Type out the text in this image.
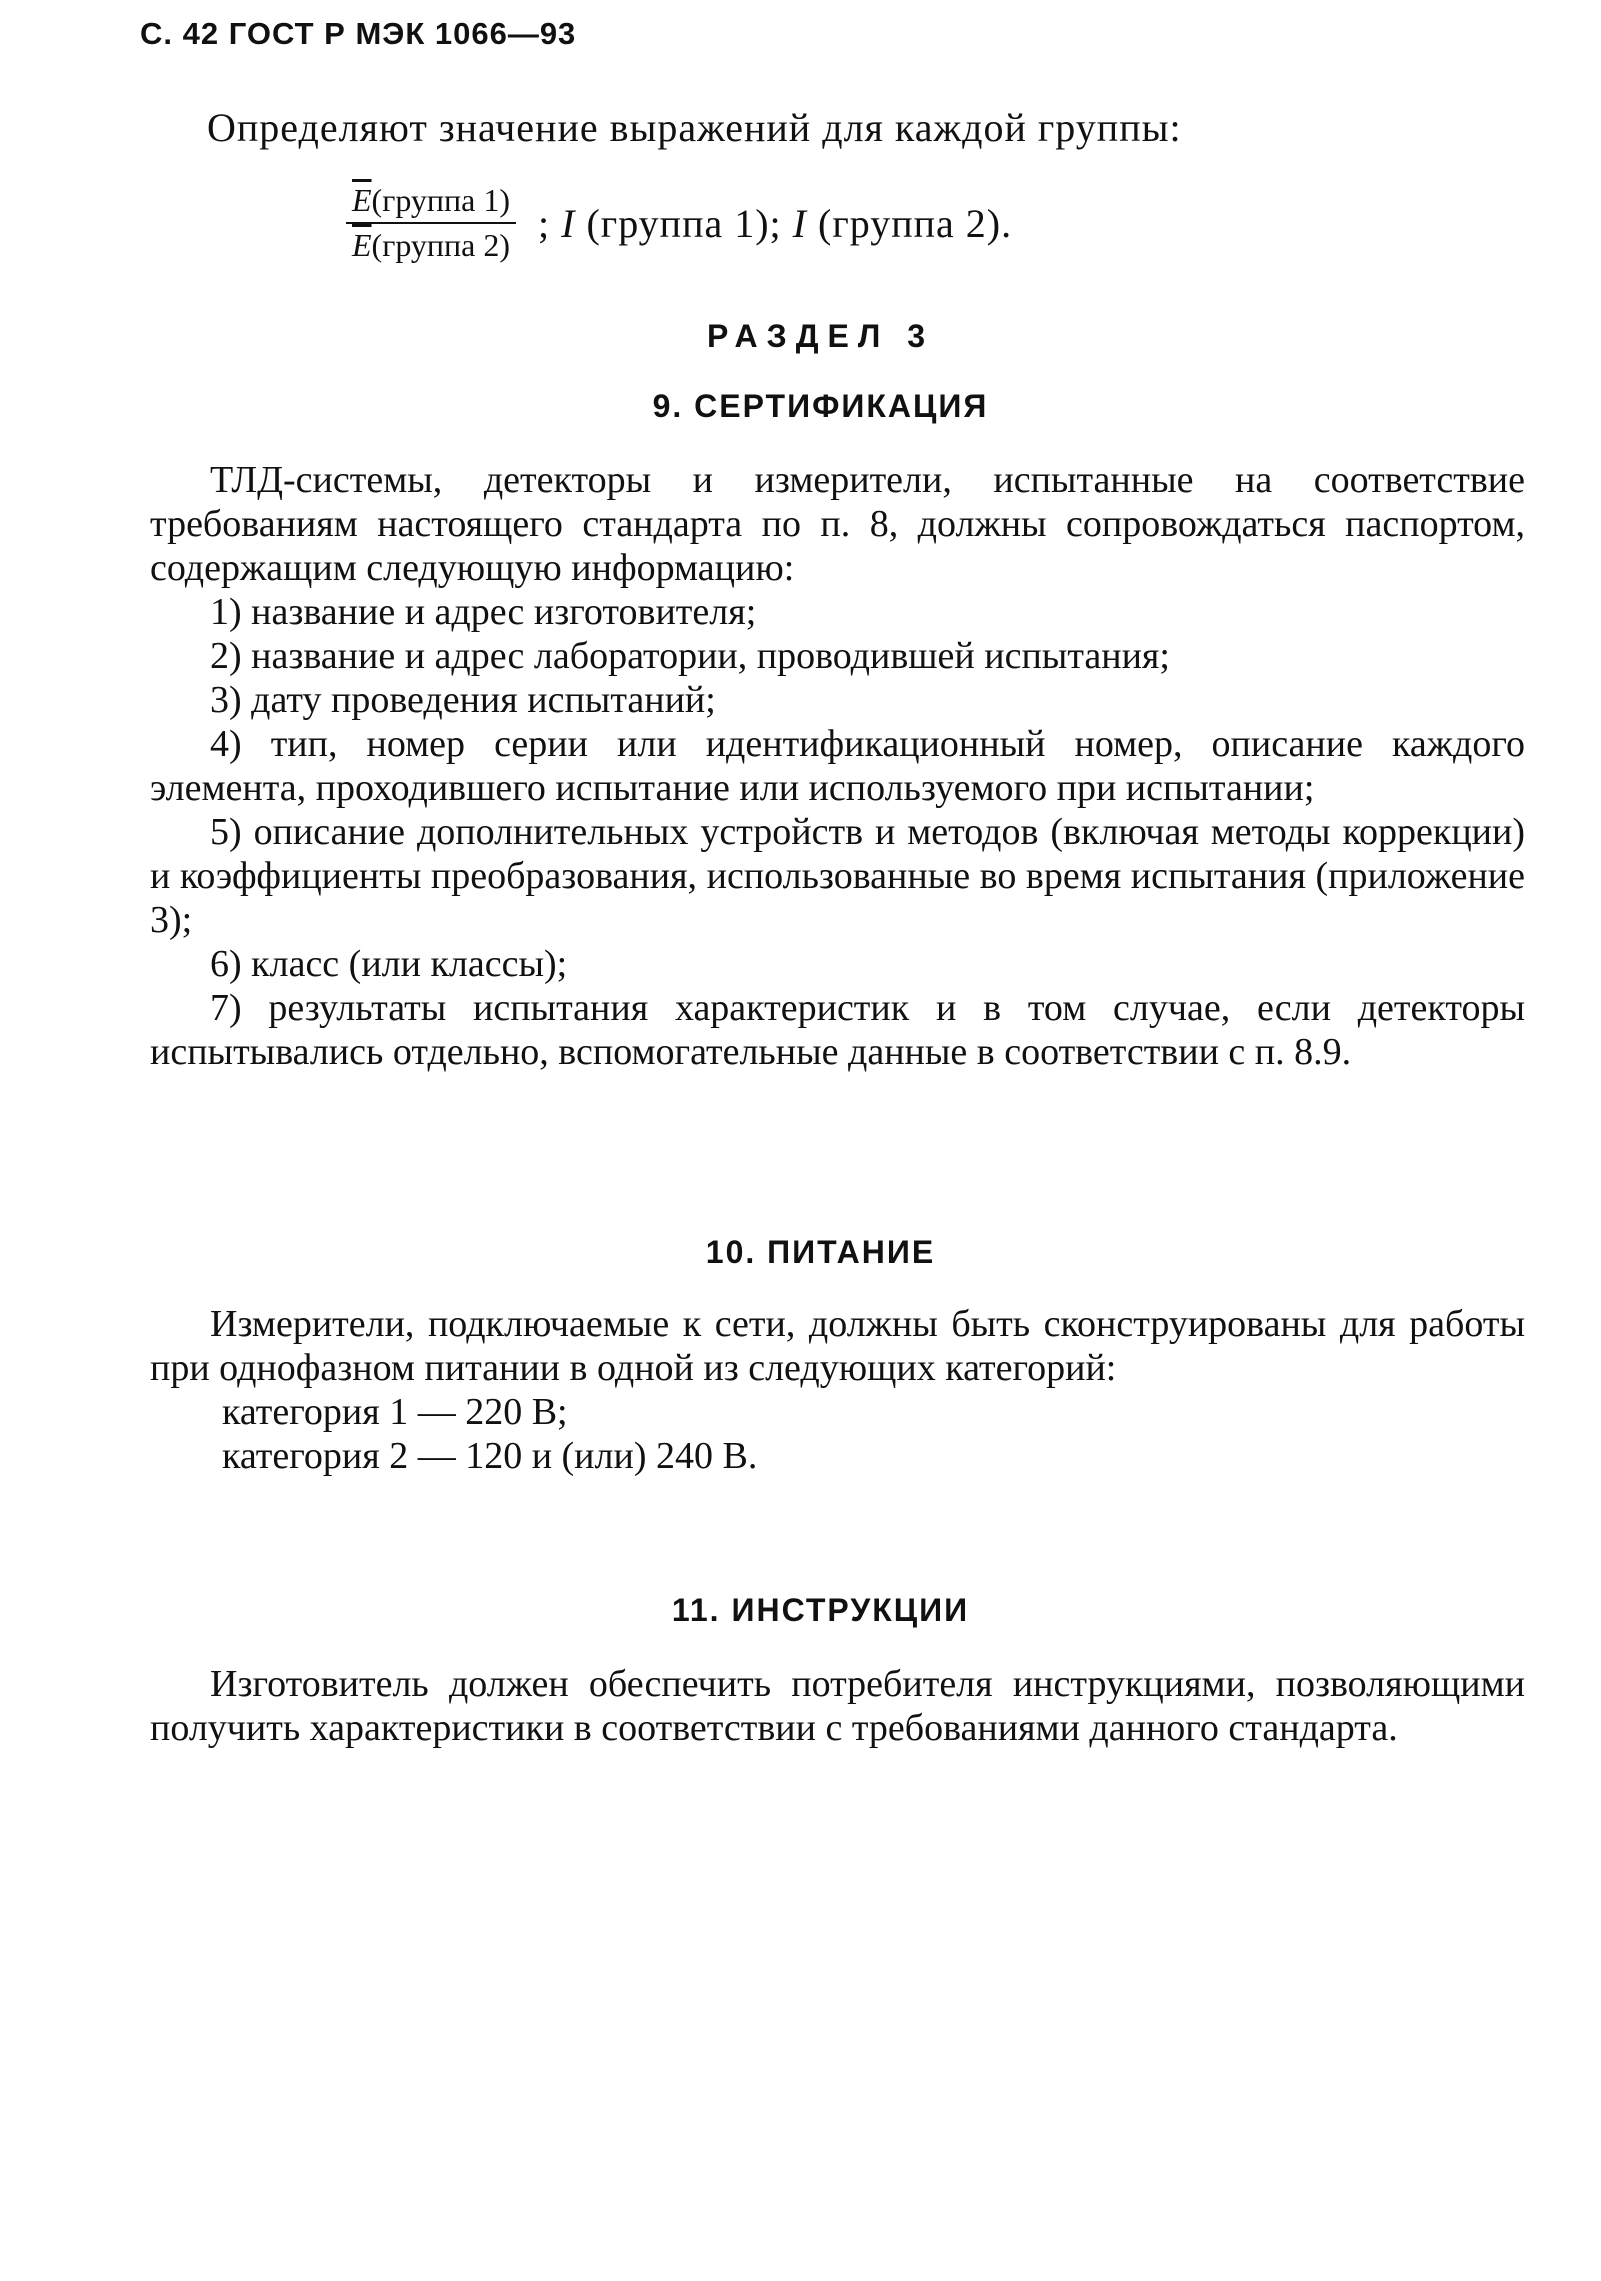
С. 42 ГОСТ Р МЭК 1066—93
Определяют значение выражений для каждой группы:
$\frac{\overline{E}(группа 1)}{\overline{E}(группа 2)}$ ; I (группа 1); I (группа 2).
РАЗДЕЛ 3
9. СЕРТИФИКАЦИЯ

ТЛД-системы, детекторы и измерители, испытанные на соответствие требованиям настоящего стандарта по п. 8, должны сопровождаться паспортом, содержащим следующую информацию:

1) название и адрес изготовителя;

2) название и адрес лаборатории, проводившей испытания;

3) дату проведения испытаний;

4) тип, номер серии или идентификационный номер, описание каждого элемента, проходившего испытание или используемого при испытании;

5) описание дополнительных устройств и методов (включая методы коррекции) и коэффициенты преобразования, использованные во время испытания (приложение 3);

6) класс (или классы);

7) результаты испытания характеристик и в том случае, если детекторы испытывались отдельно, вспомогательные данные в соответствии с п. 8.9.

10. ПИТАНИЕ

Измерители, подключаемые к сети, должны быть сконструированы для работы при однофазном питании в одной из следующих категорий:

категория 1 — 220 В;

категория 2 — 120 и (или) 240 В.

11. ИНСТРУКЦИИ

Изготовитель должен обеспечить потребителя инструкциями, позволяющими получить характеристики в соответствии с требованиями данного стандарта.
